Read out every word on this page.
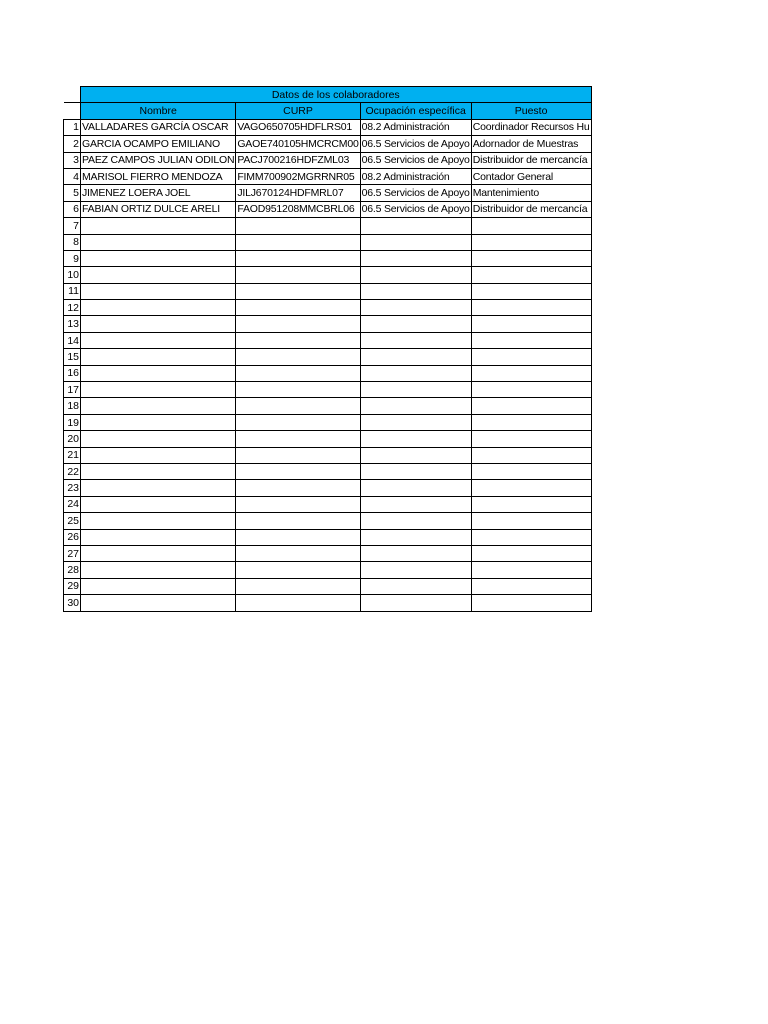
	Datos de los colaboradores			
	Nombre	CURP	Ocupación específica	Puesto
1	VALLADARES GARCÍA OSCAR	VAGO650705HDFLRS01	08.2 Administración	Coordinador Recursos Hu
2	GARCIA OCAMPO EMILIANO	GAOE740105HMCRCM00	06.5 Servicios de Apoyo	Adornador de Muestras
3	PAEZ CAMPOS JULIAN ODILON	PACJ700216HDFZML03	06.5 Servicios de Apoyo	Distribuidor de mercancía
4	MARISOL FIERRO MENDOZA	FIMM700902MGRRNR05	08.2 Administración	Contador General
5	JIMENEZ LOERA JOEL	JILJ670124HDFMRL07	06.5 Servicios de Apoyo	Mantenimiento
6	FABIAN ORTIZ DULCE ARELI	FAOD951208MMCBRL06	06.5 Servicios de Apoyo	Distribuidor de mercancía
7				
8				
9				
10				
11				
12				
13				
14				
15				
16				
17				
18				
19				
20				
21				
22				
23				
24				
25				
26				
27				
28				
29				
30				
